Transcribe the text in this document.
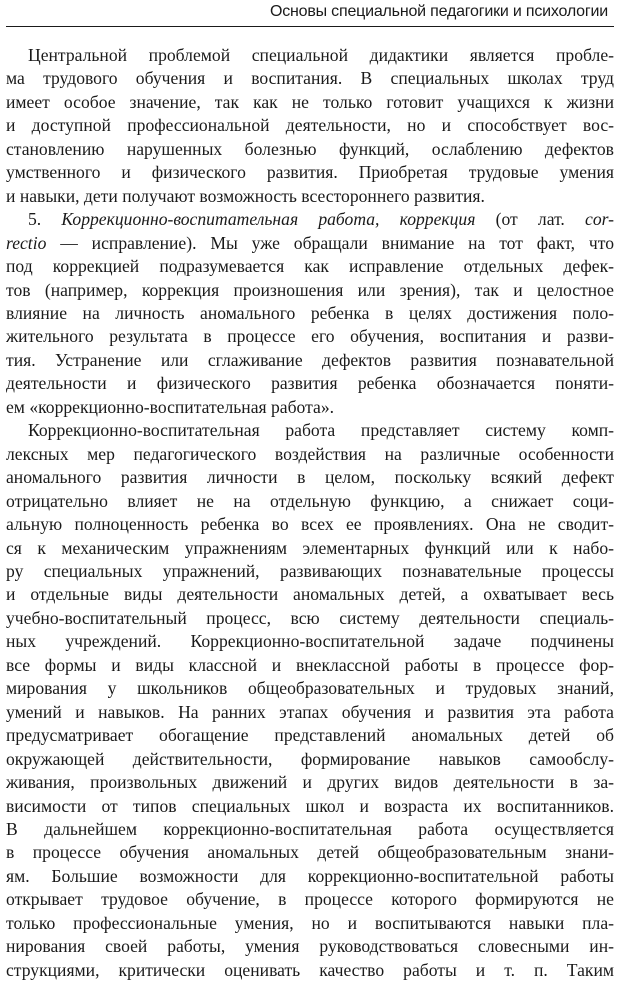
Основы специальной педагогики и психологии
Центральной проблемой специальной дидактики является пробле-
ма трудового обучения и воспитания. В специальных школах труд
имеет особое значение, так как не только готовит учащихся к жизни
и доступной профессиональной деятельности, но и способствует вос-
становлению нарушенных болезнью функций, ослаблению дефектов
умственного и физического развития. Приобретая трудовые умения
и навыки, дети получают возможность всестороннего развития.
5. Коррекционно-воспитательная работа, коррекция (от лат. cor-
rectio — исправление). Мы уже обращали внимание на тот факт, что
под коррекцией подразумевается как исправление отдельных дефек-
тов (например, коррекция произношения или зрения), так и целостное
влияние на личность аномального ребенка в целях достижения поло-
жительного результата в процессе его обучения, воспитания и разви-
тия. Устранение или сглаживание дефектов развития познавательной
деятельности и физического развития ребенка обозначается поняти-
ем «коррекционно-воспитательная работа».
Коррекционно-воспитательная работа представляет систему комп-
лексных мер педагогического воздействия на различные особенности
аномального развития личности в целом, поскольку всякий дефект
отрицательно влияет не на отдельную функцию, а снижает соци-
альную полноценность ребенка во всех ее проявлениях. Она не сводит-
ся к механическим упражнениям элементарных функций или к набо-
ру специальных упражнений, развивающих познавательные процессы
и отдельные виды деятельности аномальных детей, а охватывает весь
учебно-воспитательный процесс, всю систему деятельности специаль-
ных учреждений. Коррекционно-воспитательной задаче подчинены
все формы и виды классной и внеклассной работы в процессе фор-
мирования у школьников общеобразовательных и трудовых знаний,
умений и навыков. На ранних этапах обучения и развития эта работа
предусматривает обогащение представлений аномальных детей об
окружающей действительности, формирование навыков самообслу-
живания, произвольных движений и других видов деятельности в за-
висимости от типов специальных школ и возраста их воспитанников.
В дальнейшем коррекционно-воспитательная работа осуществляется
в процессе обучения аномальных детей общеобразовательным знани-
ям. Большие возможности для коррекционно-воспитательной работы
открывает трудовое обучение, в процессе которого формируются не
только профессиональные умения, но и воспитываются навыки пла-
нирования своей работы, умения руководствоваться словесными ин-
струкциями, критически оценивать качество работы и т. п. Таким
